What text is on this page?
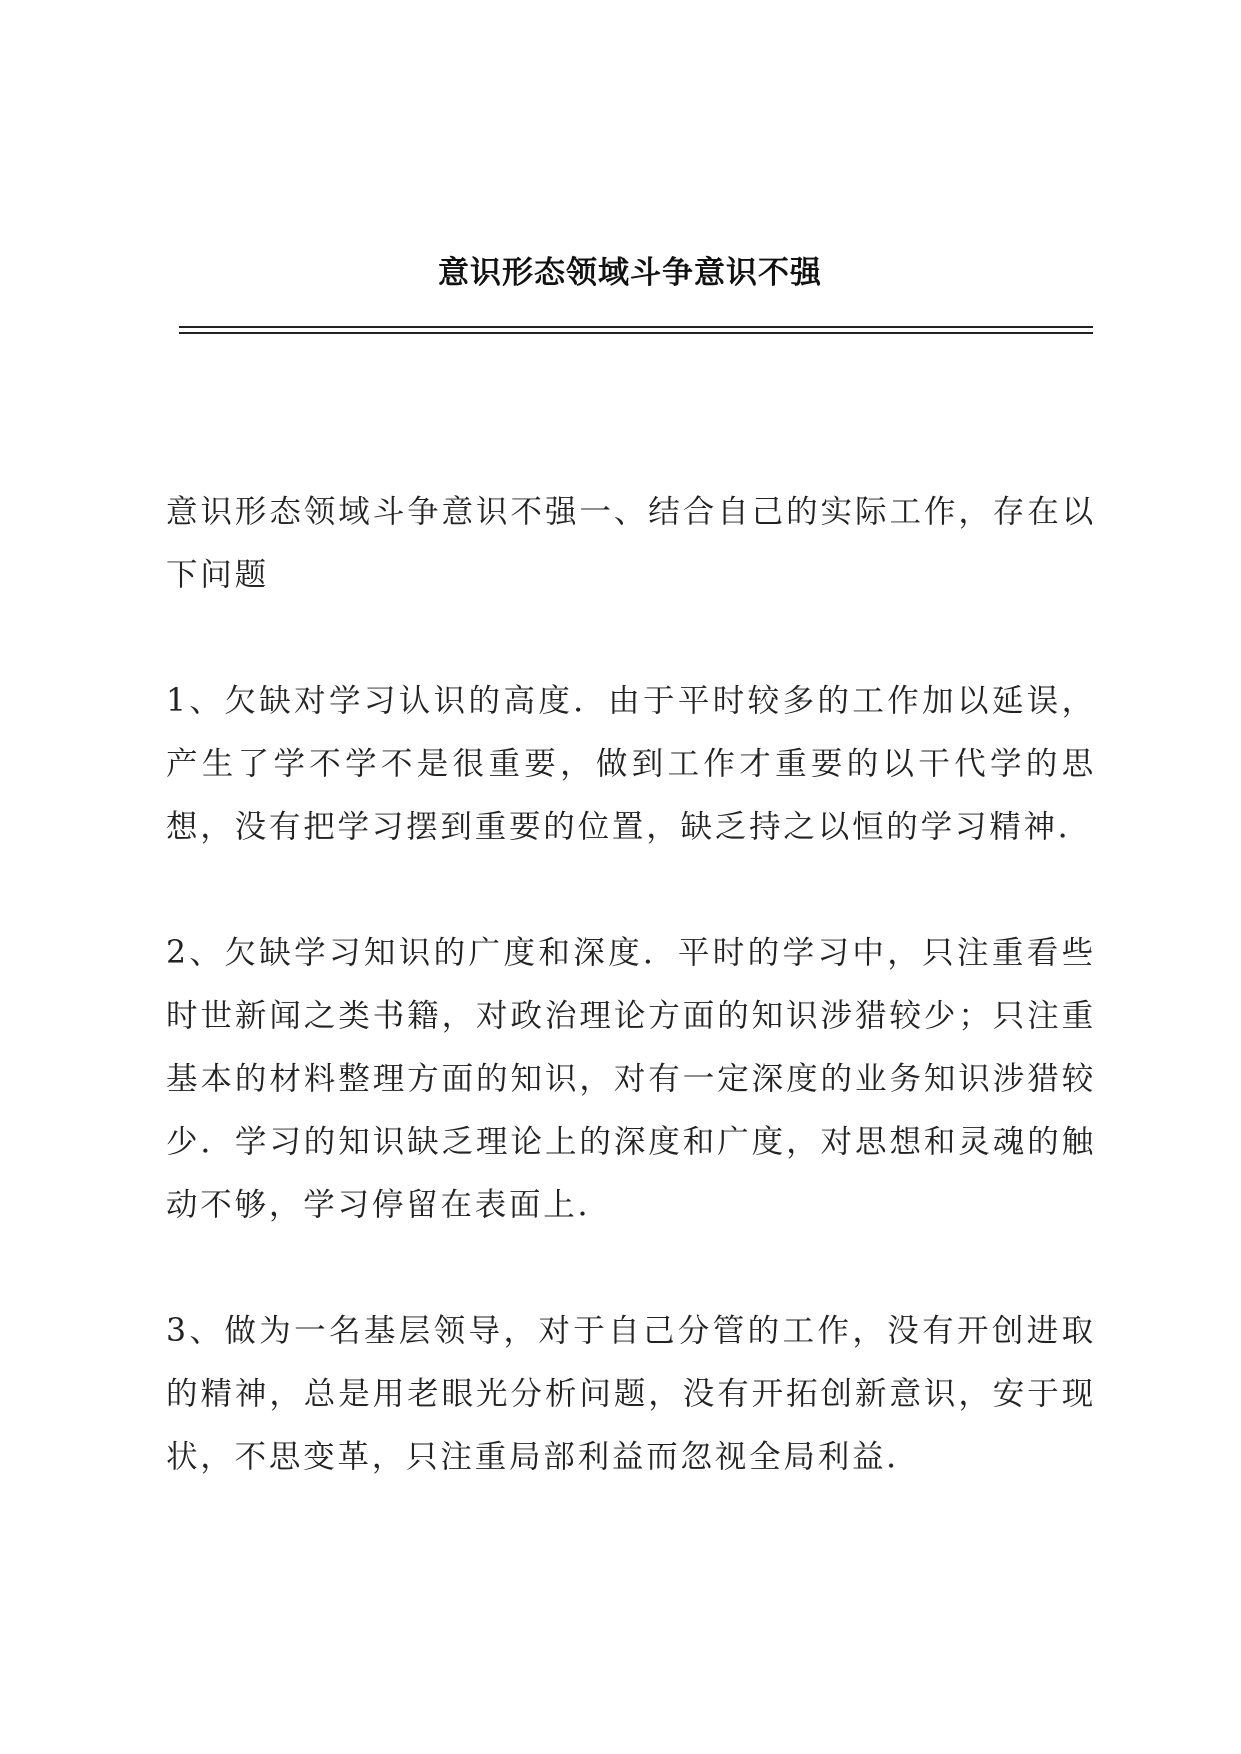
意识形态领域斗争意识不强

意识形态领域斗争意识不强一、结合自己的实际工作，存在以下问题

1、欠缺对学习认识的高度．由于平时较多的工作加以延误，产生了学不学不是很重要，做到工作才重要的以干代学的思想，没有把学习摆到重要的位置，缺乏持之以恒的学习精神．

2、欠缺学习知识的广度和深度．平时的学习中，只注重看些时世新闻之类书籍，对政治理论方面的知识涉猎较少；只注重基本的材料整理方面的知识，对有一定深度的业务知识涉猎较少．学习的知识缺乏理论上的深度和广度，对思想和灵魂的触动不够，学习停留在表面上．

3、做为一名基层领导，对于自己分管的工作，没有开创进取的精神，总是用老眼光分析问题，没有开拓创新意识，安于现状，不思变革，只注重局部利益而忽视全局利益．
